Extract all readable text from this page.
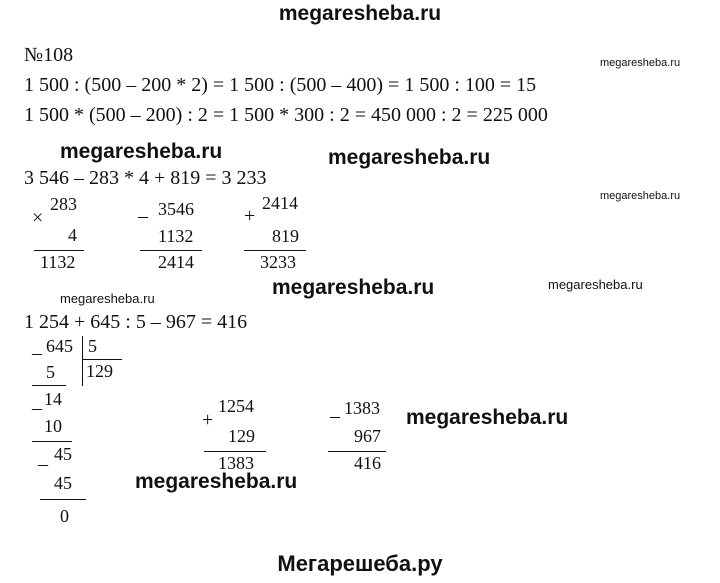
megaresheba.ru
Мегарешеба.ру
megaresheba.ru
megaresheba.ru	megaresheba.ru
megaresheba.ru
megaresheba.ru
megaresheba.ru
megaresheba.ru
megaresheba.ru
megaresheba.ru
№108
1 500 : (500 – 200 * 2) = 1 500 : (500 – 400) = 1 500 : 100 = 15
1 500 * (500 – 200) : 2 = 1 500 * 300 : 2 = 450 000 : 2 = 225 000
3 546 – 283 * 4 + 819 = 3 233
1 254 + 645 : 5 – 967 = 416
×
283
4
1132
– 3546
1132
2414
+
2414
819
3233
– 645 5
129
5
– 14
10
– 45
45
0
+
1254
129
1383
– 1383
967
416
